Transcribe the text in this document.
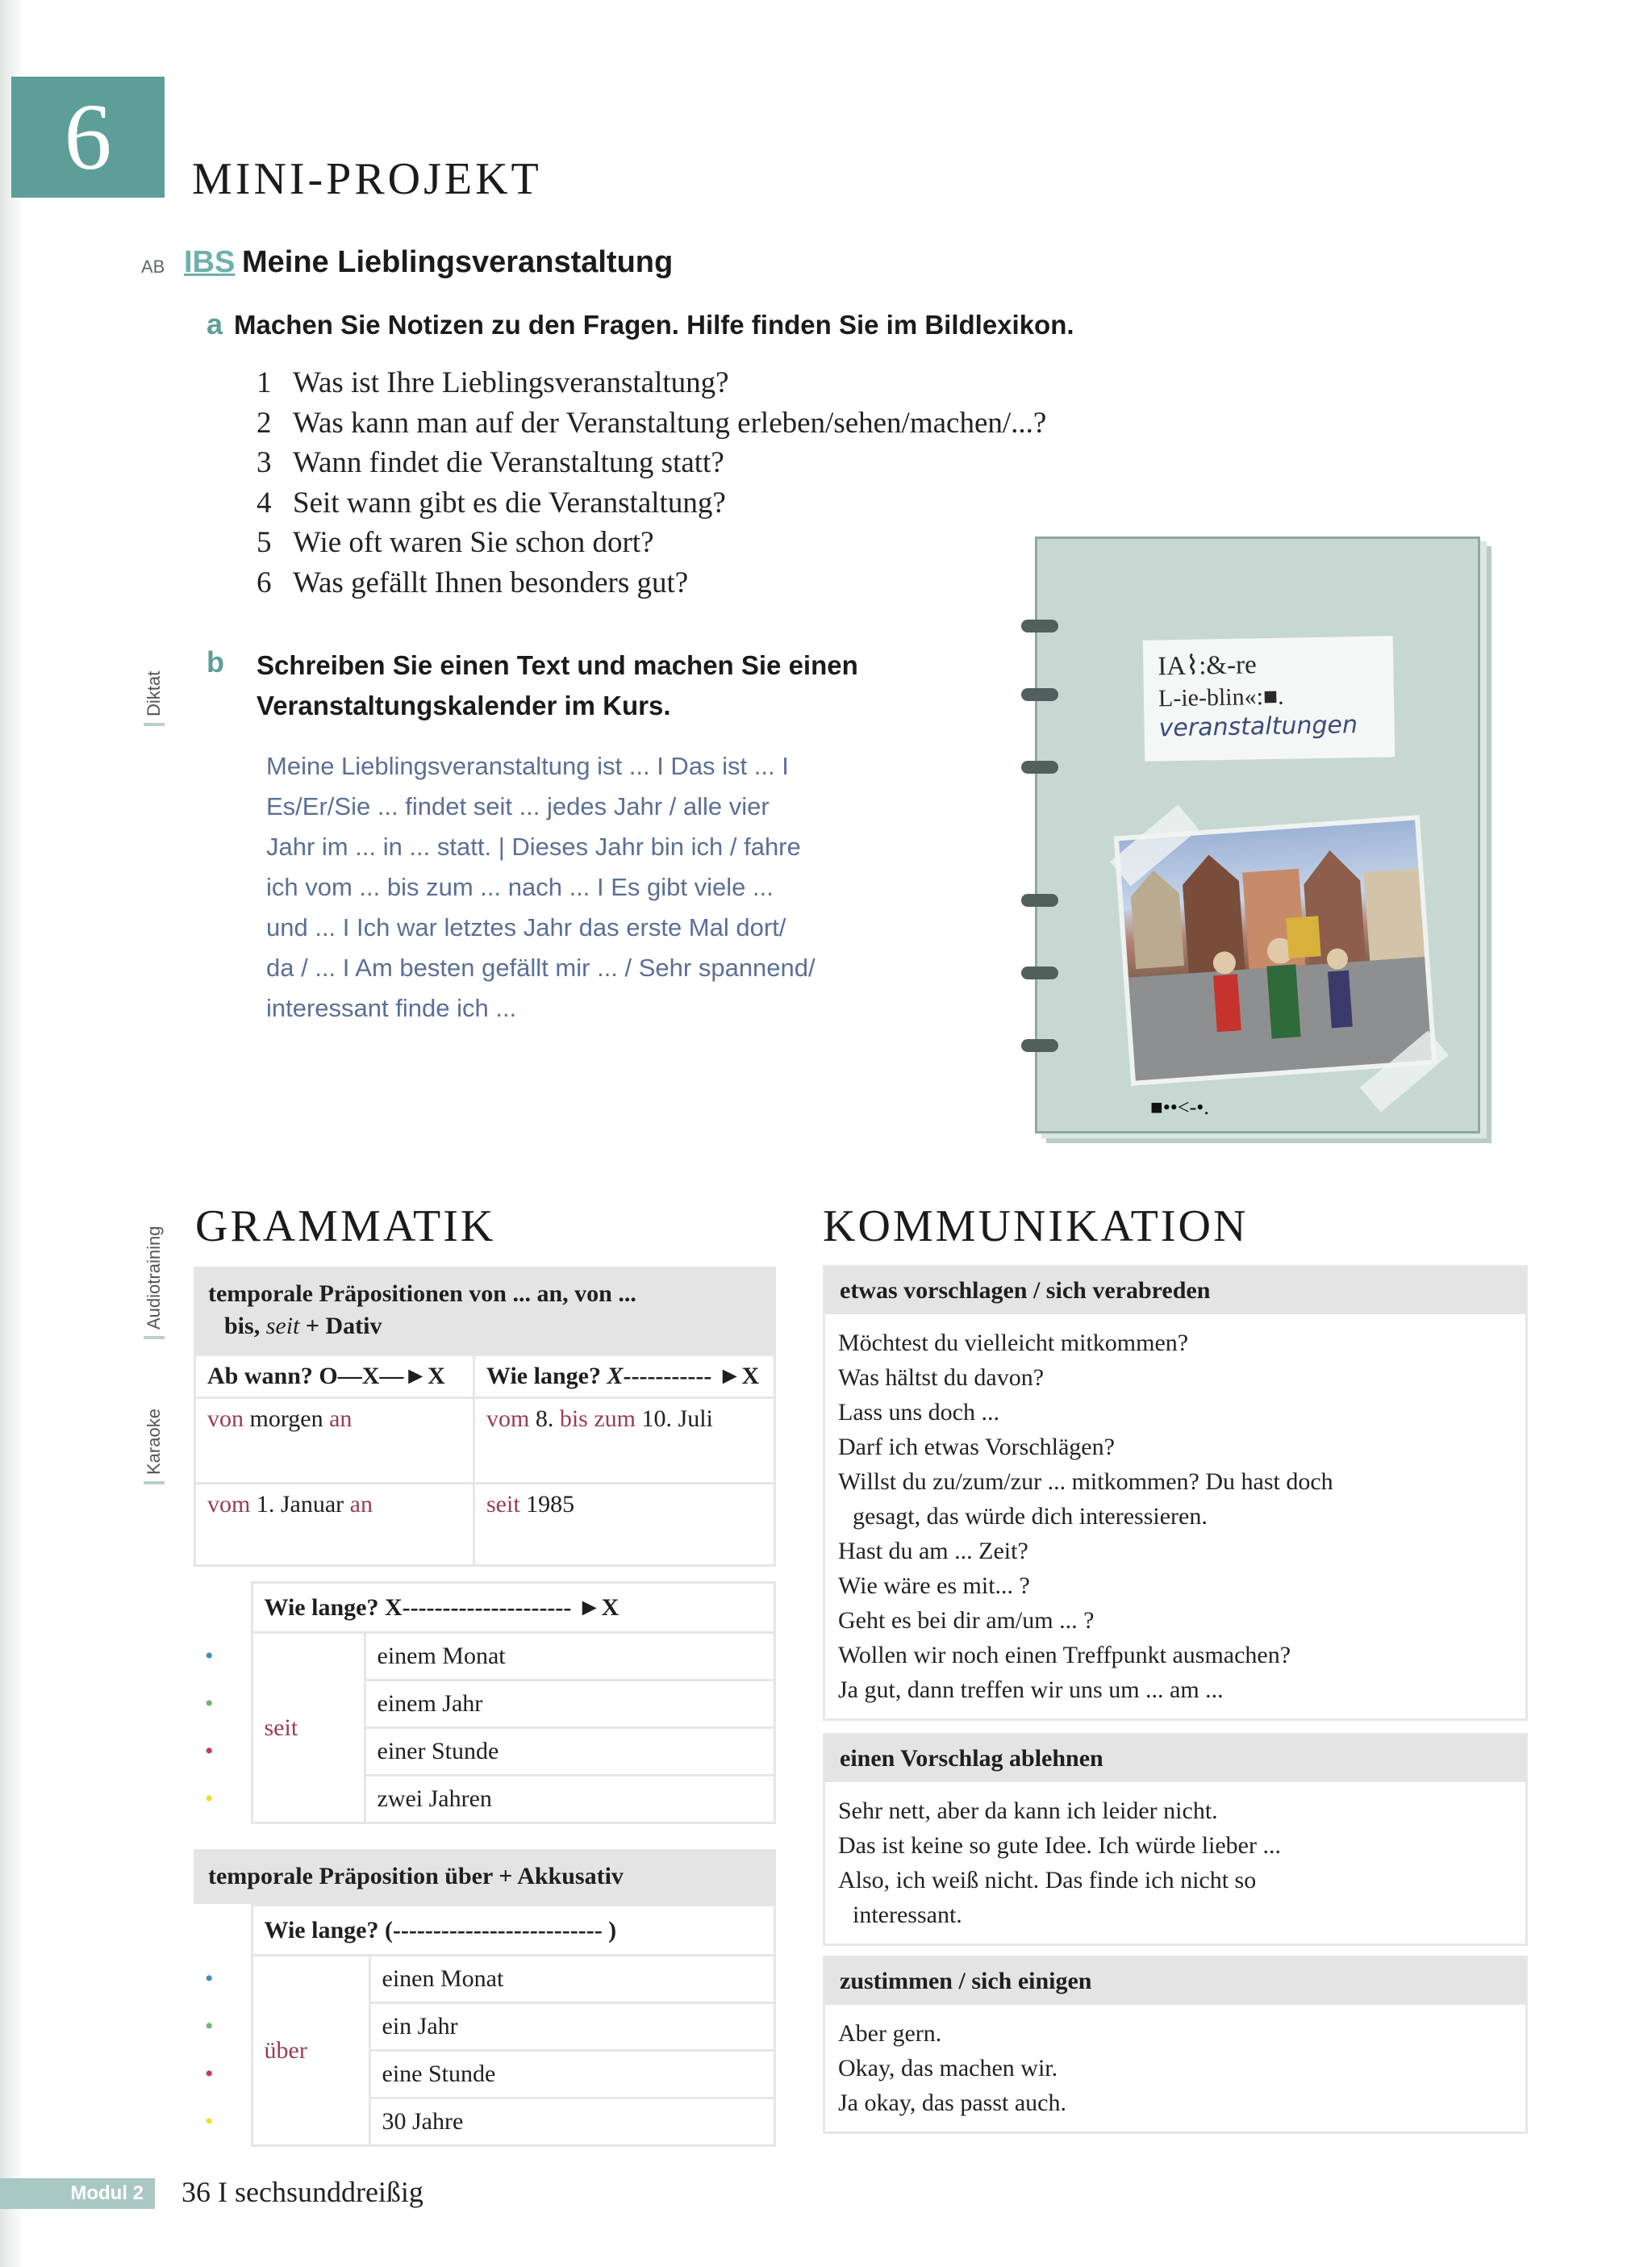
6	MINI-PROJEKT
AB IBS Meine Lieblingsveranstaltung
a Machen Sie Notizen zu den Fragen. Hilfe finden Sie im Bildlexikon.
1 Was ist Ihre Lieblingsveranstaltung?
2 Was kann man auf der Veranstaltung erleben/sehen/machen/...?
3 Wann findet die Veranstaltung statt?
4 Seit wann gibt es die Veranstaltung?
5 Wie oft waren Sie schon dort?
6 Was gefällt Ihnen besonders gut?
b Schreiben Sie einen Text und machen Sie einen
Veranstaltungskalender im Kurs.
Meine Lieblingsveranstaltung ist ... I Das ist ... I
Es/Er/Sie ... findet seit ... jedes Jahr / alle vier
Jahr im ... in ... statt. | Dieses Jahr bin ich / fahre
ich vom ... bis zum ... nach ... I Es gibt viele ...
und ... I Ich war letztes Jahr das erste Mal dort/
da / ... I Am besten gefällt mir ... / Sehr spannend/
interessant finde ich ...
Diktat
Audiotraining
Karaoke
IA⌇:&-re
L-ie-blin«:■.
veranstaltungen
■••<-•.
GRAMMATIK
temporale Präpositionen von ... an, von ...
bis, seit + Dativ
Ab wann? O—X—►X	Wie lange? X----------- ►X
von morgen an	vom 8. bis zum 10. Juli
vom 1. Januar an	seit 1985
	Wie lange? X--------------------- ►X	
•	seit	einem Monat
•		einem Jahr
•		einer Stunde
•		zwei Jahren
temporale Präposition über + Akkusativ
	Wie lange? (-------------------------- )	
•	über	einen Monat
•		ein Jahr
•		eine Stunde
•		30 Jahre
KOMMUNIKATION
etwas vorschlagen / sich verabreden
Möchtest du vielleicht mitkommen?
Was hältst du davon?
Lass uns doch ...
Darf ich etwas Vorschlägen?
Willst du zu/zum/zur ... mitkommen? Du hast doch
gesagt, das würde dich interessieren.
Hast du am ... Zeit?
Wie wäre es mit... ?
Geht es bei dir am/um ... ?
Wollen wir noch einen Treffpunkt ausmachen?
Ja gut, dann treffen wir uns um ... am ...
einen Vorschlag ablehnen
Sehr nett, aber da kann ich leider nicht.
Das ist keine so gute Idee. Ich würde lieber ...
Also, ich weiß nicht. Das finde ich nicht so
interessant.
zustimmen / sich einigen
Aber gern.
Okay, das machen wir.
Ja okay, das passt auch.
Modul 2	36 I sechsunddreißig
